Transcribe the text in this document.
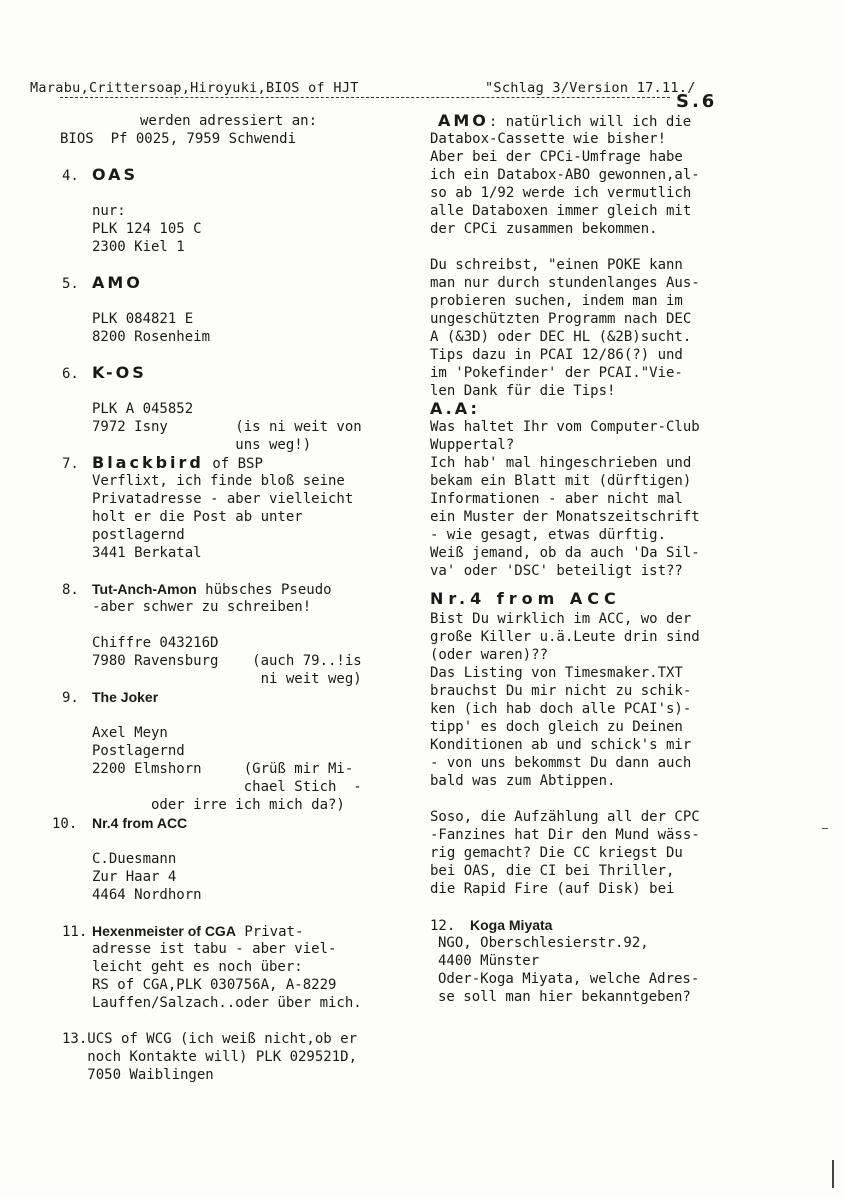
Marabu,Crittersoap,Hiroyuki,BIOS of HJT

	"Schlag 3/Version 17.11./

S.6
werden adressiert an:
BIOS  Pf 0025, 7959 Schwendi
4. OAS
nur:
PLK 124 105 C
2300 Kiel 1
5. AMO
PLK 084821 E
8200 Rosenheim
6. K-OS
PLK A 045852
7972 Isny        (is ni weit von
uns weg!)
7. Blackbird of BSP
Verflixt, ich finde bloß seine
Privatadresse - aber vielleicht
holt er die Post ab unter
postlagernd
3441 Berkatal
8. Tut-Anch-Amon hübsches Pseudo
-aber schwer zu schreiben!
Chiffre 043216D
7980 Ravensburg    (auch 79..!is
ni weit weg)
9. The Joker
Axel Meyn
Postlagernd
2200 Elmshorn     (Grüß mir Mi-
chael Stich  -
oder irre ich mich da?)
10. Nr.4 from ACC
C.Duesmann
Zur Haar 4
4464 Nordhorn
11. Hexenmeister of CGA Privat-
adresse ist tabu - aber viel-
leicht geht es noch über:
RS of CGA,PLK 030756A, A-8229
Lauffen/Salzach..oder über mich.
13.UCS of WCG (ich weiß nicht,ob er
noch Kontakte will) PLK 029521D,
7050 Waiblingen
AMO: natürlich will ich die
Databox-Cassette wie bisher!
Aber bei der CPCi-Umfrage habe
ich ein Databox-ABO gewonnen,al-
so ab 1/92 werde ich vermutlich
alle Databoxen immer gleich mit
der CPCi zusammen bekommen.
Du schreibst, "einen POKE kann
man nur durch stundenlanges Aus-
probieren suchen, indem man im
ungeschützten Programm nach DEC
A (&3D) oder DEC HL (&2B)sucht.
Tips dazu in PCAI 12/86(?) und
im 'Pokefinder' der PCAI."Vie-
len Dank für die Tips!
A.A:
Was haltet Ihr vom Computer-Club
Wuppertal?
Ich hab' mal hingeschrieben und
bekam ein Blatt mit (dürftigen)
Informationen - aber nicht mal
ein Muster der Monatszeitschrift
- wie gesagt, etwas dürftig.
Weiß jemand, ob da auch 'Da Sil-
va' oder 'DSC' beteiligt ist??
Nr.4 from ACC
Bist Du wirklich im ACC, wo der
große Killer u.ä.Leute drin sind
(oder waren)??
Das Listing von Timesmaker.TXT
brauchst Du mir nicht zu schik-
ken (ich hab doch alle PCAI's)-
tipp' es doch gleich zu Deinen
Konditionen ab und schick's mir
- von uns bekommst Du dann auch
bald was zum Abtippen.
Soso, die Aufzählung all der CPC
-Fanzines hat Dir den Mund wäss-
rig gemacht? Die CC kriegst Du
bei OAS, die CI bei Thriller,
die Rapid Fire (auf Disk) bei
12. Koga Miyata
NGO, Oberschlesierstr.92,
4400 Münster
Oder-Koga Miyata, welche Adres-
se soll man hier bekanntgeben?
